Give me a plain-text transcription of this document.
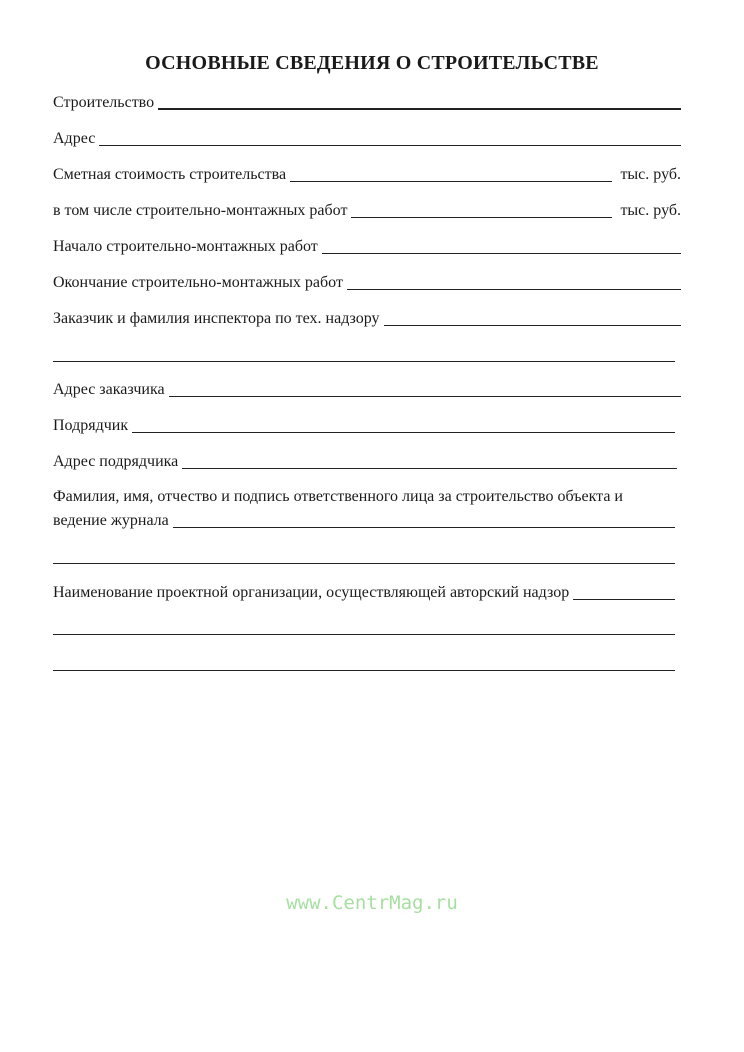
ОСНОВНЫЕ СВЕДЕНИЯ О СТРОИТЕЛЬСТВЕ
Строительство
Адрес
Сметная стоимость строительства	тыс. руб.
в том числе строительно-монтажных работ	тыс. руб.
Начало строительно-монтажных работ
Окончание строительно-монтажных работ
Заказчик и фамилия инспектора по тех. надзору
Адрес заказчика
Подрядчик
Адрес подрядчика
Фамилия, имя, отчество и подпись ответственного лица за строительство объекта и
ведение журнала
Наименование проектной организации, осуществляющей авторский надзор
www.CentrMag.ru
